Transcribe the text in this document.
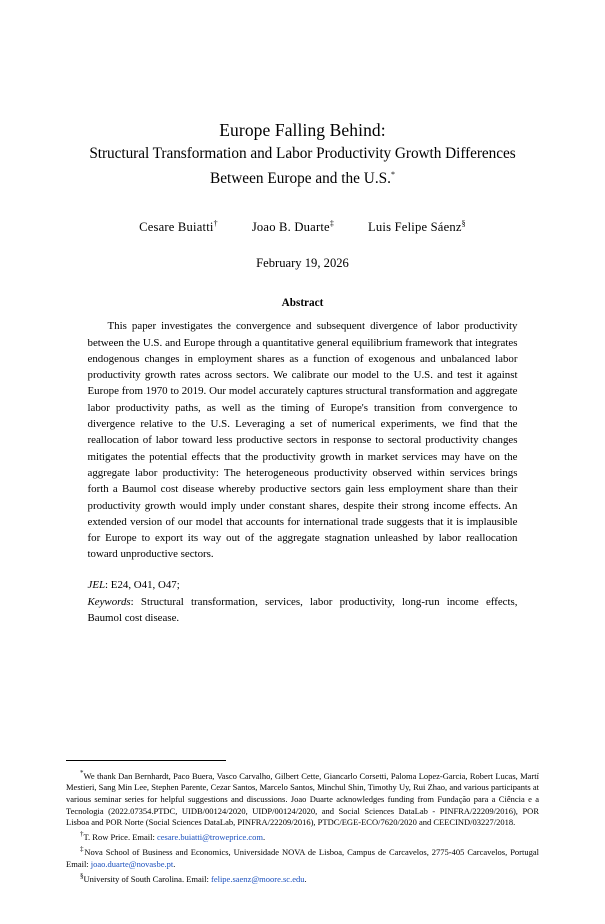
Europe Falling Behind:
Structural Transformation and Labor Productivity Growth Differences
Between Europe and the U.S.*
Cesare Buiatti†	Joao B. Duarte‡	Luis Felipe Sáenz§
February 19, 2026
Abstract

This paper investigates the convergence and subsequent divergence of labor productivity between the U.S. and Europe through a quantitative general equilibrium framework that integrates endogenous changes in employment shares as a function of exogenous and unbalanced labor productivity growth rates across sectors. We calibrate our model to the U.S. and test it against Europe from 1970 to 2019. Our model accurately captures structural transformation and aggregate labor productivity paths, as well as the timing of Europe's transition from convergence to divergence relative to the U.S. Leveraging a set of numerical experiments, we find that the reallocation of labor toward less productive sectors in response to sectoral productivity changes mitigates the potential effects that the productivity growth in market services may have on the aggregate labor productivity: The heterogeneous productivity observed within services brings forth a Baumol cost disease whereby productive sectors gain less employment share than their productivity growth would imply under constant shares, despite their strong income effects. An extended version of our model that accounts for international trade suggests that it is implausible for Europe to export its way out of the aggregate stagnation unleashed by labor reallocation toward unproductive sectors.

JEL: E24, O41, O47;
Keywords: Structural transformation, services, labor productivity, long-run income effects, Baumol cost disease.

*We thank Dan Bernhardt, Paco Buera, Vasco Carvalho, Gilbert Cette, Giancarlo Corsetti, Paloma Lopez-Garcia, Robert Lucas, Martí Mestieri, Sang Min Lee, Stephen Parente, Cezar Santos, Marcelo Santos, Minchul Shin, Timothy Uy, Rui Zhao, and various participants at various seminar series for helpful suggestions and discussions. Joao Duarte acknowledges funding from Fundação para a Ciência e a Tecnologia (2022.07354.PTDC, UIDB/00124/2020, UIDP/00124/2020, and Social Sciences DataLab - PINFRA/22209/2016), POR Lisboa and POR Norte (Social Sciences DataLab, PINFRA/22209/2016), PTDC/EGE-ECO/7620/2020 and CEECIND/03227/2018.

†T. Row Price. Email: cesare.buiatti@troweprice.com.

‡Nova School of Business and Economics, Universidade NOVA de Lisboa, Campus de Carcavelos, 2775-405 Carcavelos, Portugal Email: joao.duarte@novasbe.pt.

§University of South Carolina. Email: felipe.saenz@moore.sc.edu.
